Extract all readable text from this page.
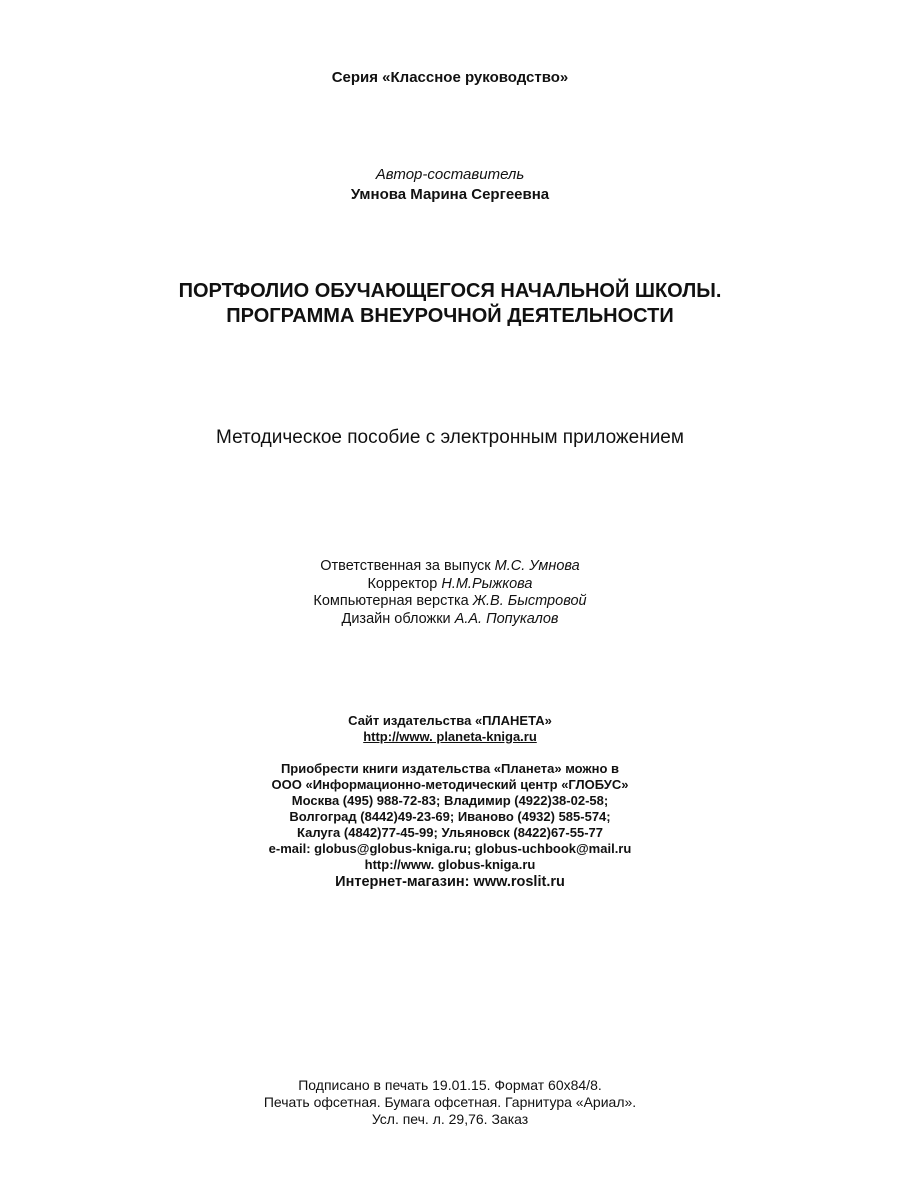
Серия «Классное руководство»
Автор-составитель
Умнова Марина Сергеевна
ПОРТФОЛИО ОБУЧАЮЩЕГОСЯ НАЧАЛЬНОЙ ШКОЛЫ.
ПРОГРАММА ВНЕУРОЧНОЙ ДЕЯТЕЛЬНОСТИ
Методическое пособие с электронным приложением
Ответственная за выпуск М.С. Умнова
Корректор Н.М.Рыжкова
Компьютерная верстка Ж.В. Быстровой
Дизайн обложки А.А. Попукалов
Сайт издательства «ПЛАНЕТА»
http://www. planeta-kniga.ru
Приобрести книги издательства «Планета» можно в
ООО «Информационно-методический центр «ГЛОБУС»
Москва (495) 988-72-83; Владимир (4922)38-02-58;
Волгоград (8442)49-23-69; Иваново (4932) 585-574;
Калуга (4842)77-45-99; Ульяновск (8422)67-55-77
e-mail: globus@globus-kniga.ru; globus-uchbook@mail.ru
http://www. globus-kniga.ru
Интернет-магазин: www.roslit.ru
Подписано в печать 19.01.15. Формат 60х84/8.
Печать офсетная. Бумага офсетная. Гарнитура «Ариал».
Усл. печ. л. 29,76. Заказ
